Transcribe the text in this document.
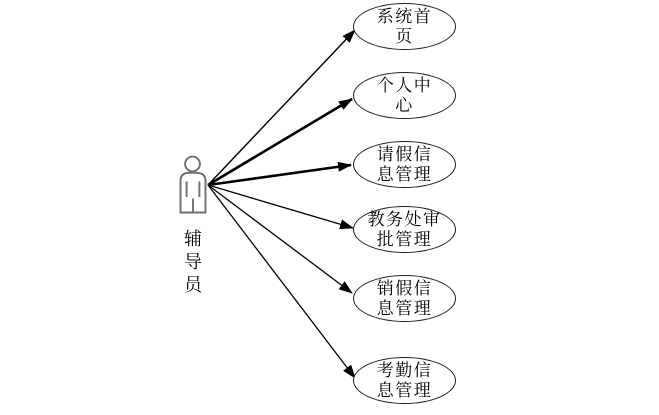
辅导员
系统首
页
个人中
心
请假信
息管理
教务处审
批管理
销假信
息管理
考勤信
息管理
